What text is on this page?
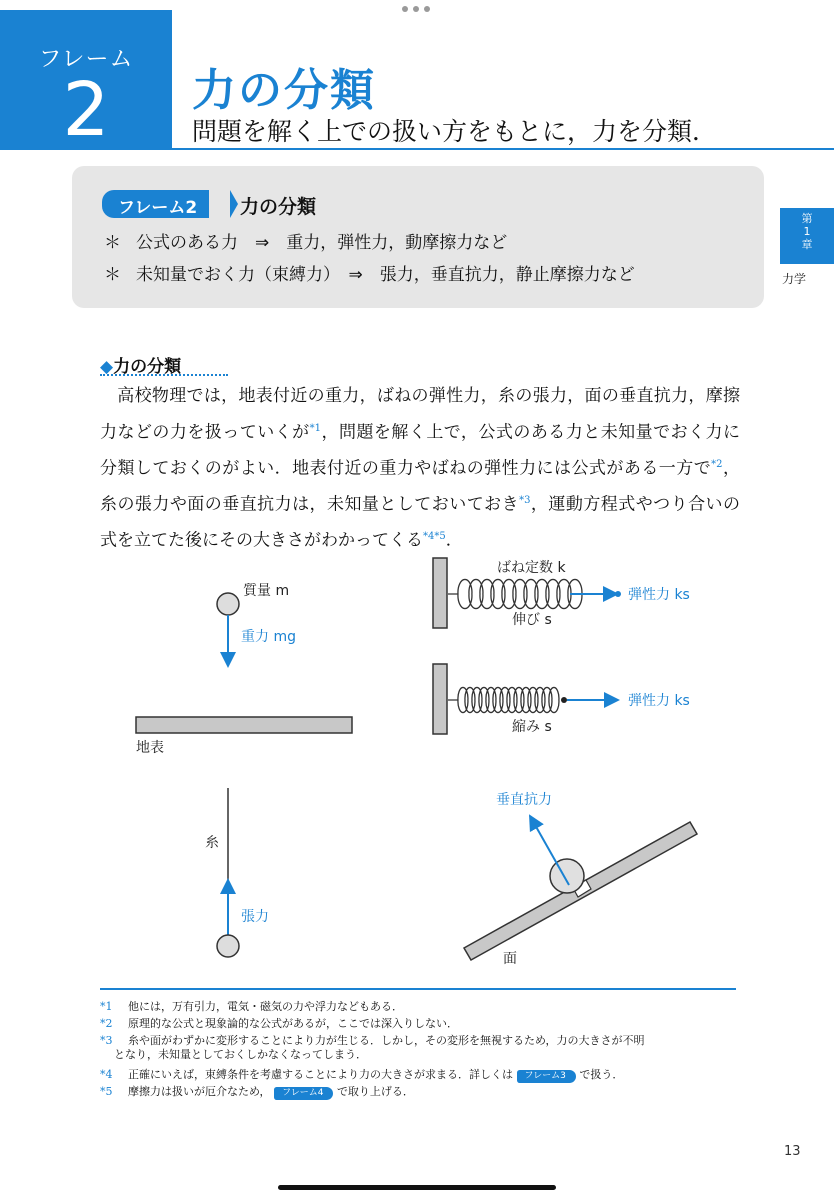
フレーム
2	力の分類
問題を解く上での扱い方をもとに，力を分類．
フレーム2	力の分類
＊ 公式のある力　⇒　重力，弾性力，動摩擦力など
＊ 未知量でおく力（束縛力）　⇒　張力，垂直抗力，静止摩擦力など
第1章
力学
◆力の分類
　高校物理では，地表付近の重力，ばねの弾性力，糸の張力，面の垂直抗力，摩擦力などの力を扱っていくが$^{*1}$，問題を解く上で，公式のある力と未知量でおく力に分類しておくのがよい．地表付近の重力やばねの弾性力には公式がある一方で$^{*2}$，糸の張力や面の垂直抗力は，未知量としておいておき$^{*3}$，運動方程式やつり合いの式を立てた後にその大きさがわかってくる$^{*4*5}$．
質量 m
重力 mg
地表
ばね定数 k
弾性力 ks
伸び s
弾性力 ks
縮み s
糸
張力
垂直抗力
面
*1 他には，万有引力，電気・磁気の力や浮力などもある．
*2 原理的な公式と現象論的な公式があるが，ここでは深入りしない．
*3 糸や面がわずかに変形することにより力が生じる．しかし，その変形を無視するため，力の大きさが不明
となり，未知量としておくしかなくなってしまう．
*4 正確にいえば，束縛条件を考慮することにより力の大きさが求まる．詳しくは フレーム3 で扱う．
*5 摩擦力は扱いが厄介なため， フレーム4 で取り上げる．
13
